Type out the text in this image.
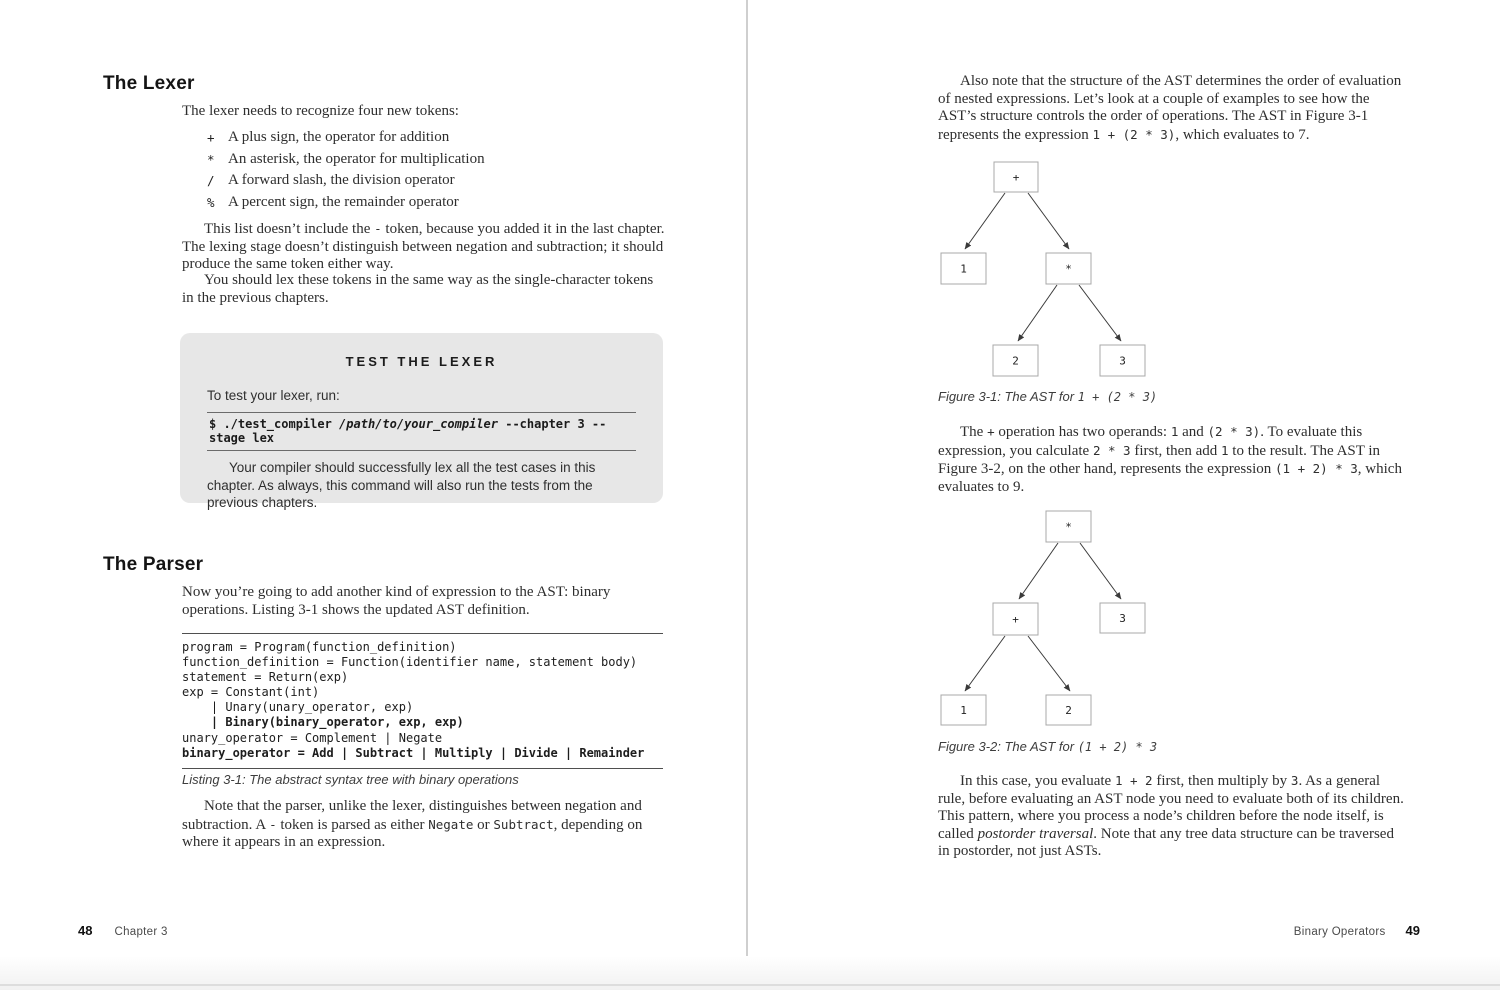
The Lexer
The lexer needs to recognize four new tokens:
+ A plus sign, the operator for addition
* An asterisk, the operator for multiplication
/ A forward slash, the division operator
% A percent sign, the remainder operator
This list doesn’t include the - token, because you added it in the last chapter. The lexing stage doesn’t distinguish between negation and subtraction; it should produce the same token either way.
You should lex these tokens in the same way as the single-character tokens in the previous chapters.
TEST THE LEXER
To test your lexer, run:
$ ./test_compiler /path/to/your_compiler --chapter 3 --stage lex
Your compiler should successfully lex all the test cases in this chapter. As always, this command will also run the tests from the previous chapters.
The Parser
Now you’re going to add another kind of expression to the AST: binary operations. Listing 3-1 shows the updated AST definition.
program = Program(function_definition)
function_definition = Function(identifier name, statement body)
statement = Return(exp)
exp = Constant(int)
| Unary(unary_operator, exp)
| Binary(binary_operator, exp, exp)
unary_operator = Complement | Negate
binary_operator = Add | Subtract | Multiply | Divide | Remainder
Listing 3-1: The abstract syntax tree with binary operations
Note that the parser, unlike the lexer, distinguishes between negation and subtraction. A - token is parsed as either Negate or Subtract, depending on where it appears in an expression.
48 Chapter 3
Also note that the structure of the AST determines the order of evaluation of nested expressions. Let’s look at a couple of examples to see how the AST’s structure controls the order of operations. The AST in Figure 3-1 represents the expression 1 + (2 * 3), which evaluates to 7.
+
1	*
2	3
Figure 3-1: The AST for 1 + (2 * 3)
The + operation has two operands: 1 and (2 * 3). To evaluate this expression, you calculate 2 * 3 first, then add 1 to the result. The AST in Figure 3-2, on the other hand, represents the expression (1 + 2) * 3, which evaluates to 9.
*
+	3
1	2
Figure 3-2: The AST for (1 + 2) * 3
In this case, you evaluate 1 + 2 first, then multiply by 3. As a general rule, before evaluating an AST node you need to evaluate both of its children. This pattern, where you process a node’s children before the node itself, is called postorder traversal. Note that any tree data structure can be traversed in postorder, not just ASTs.
Binary Operators 49
